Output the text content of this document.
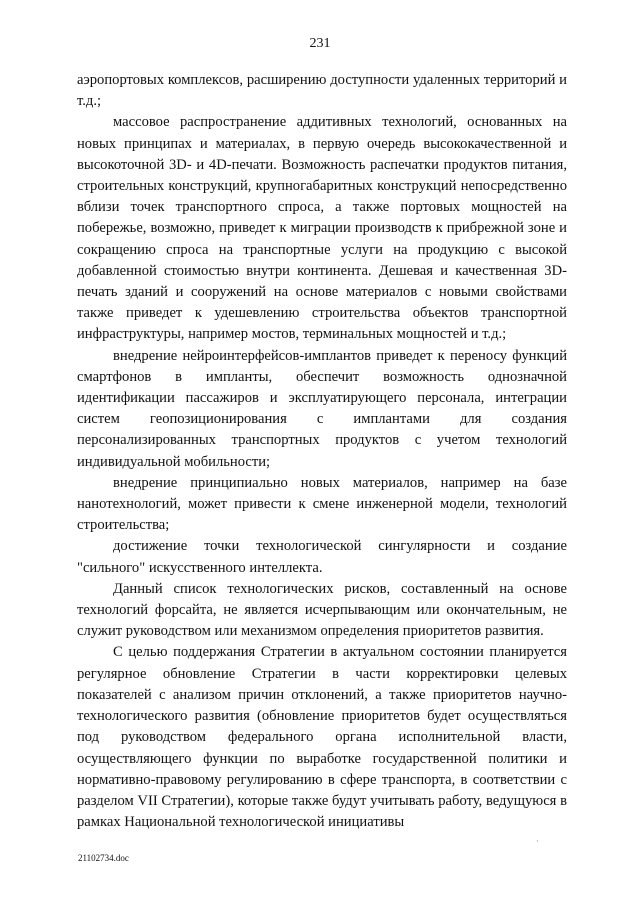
231

аэропортовых комплексов, расширению доступности удаленных территорий и т.д.;

массовое распространение аддитивных технологий, основанных на новых принципах и материалах, в первую очередь высококачественной и высокоточной 3D- и 4D-печати. Возможность распечатки продуктов питания, строительных конструкций, крупногабаритных конструкций непосредственно вблизи точек транспортного спроса, а также портовых мощностей на побережье, возможно, приведет к миграции производств к прибрежной зоне и сокращению спроса на транспортные услуги на продукцию с высокой добавленной стоимостью внутри континента. Дешевая и качественная 3D-печать зданий и сооружений на основе материалов с новыми свойствами также приведет к удешевлению строительства объектов транспортной инфраструктуры, например мостов, терминальных мощностей и т.д.;

внедрение нейроинтерфейсов-имплантов приведет к переносу функций смартфонов в импланты, обеспечит возможность однозначной идентификации пассажиров и эксплуатирующего персонала, интеграции систем геопозиционирования с имплантами для создания персонализированных транспортных продуктов с учетом технологий индивидуальной мобильности;

внедрение принципиально новых материалов, например на базе нанотехнологий, может привести к смене инженерной модели, технологий строительства;

достижение точки технологической сингулярности и создание "сильного" искусственного интеллекта.

Данный список технологических рисков, составленный на основе технологий форсайта, не является исчерпывающим или окончательным, не служит руководством или механизмом определения приоритетов развития.

С целью поддержания Стратегии в актуальном состоянии планируется регулярное обновление Стратегии в части корректировки целевых показателей с анализом причин отклонений, а также приоритетов научно-технологического развития (обновление приоритетов будет осуществляться под руководством федерального органа исполнительной власти, осуществляющего функции по выработке государственной политики и нормативно-правовому регулированию в сфере транспорта, в соответствии с разделом VII Стратегии), которые также будут учитывать работу, ведущуюся в рамках Национальной технологической инициативы

·
21102734.doc
